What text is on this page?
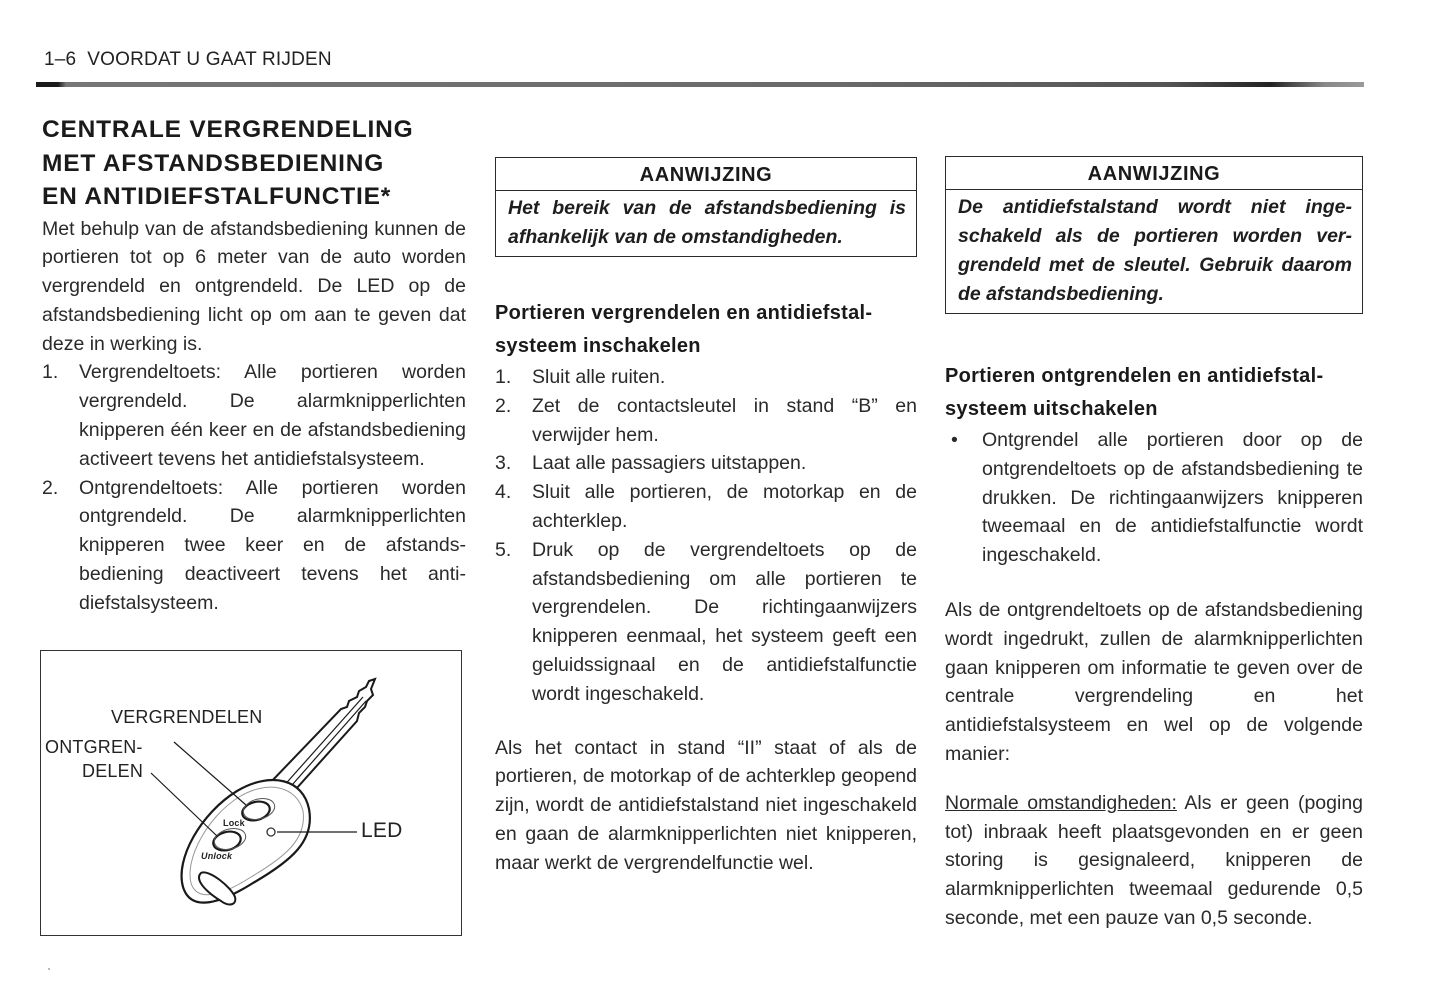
1–6 VOORDAT U GAAT RIJDEN
CENTRALE VERGRENDELING
MET AFSTANDSBEDIENING
EN ANTIDIEFSTALFUNCTIE*

Met behulp van de afstandsbediening kunnen de portieren tot op 6 meter van de auto worden vergrendeld en ontgrendeld. De LED op de afstandsbediening licht op om aan te geven dat deze in werking is.

1. Vergrendeltoets: Alle portieren worden vergrendeld. De alarmknipperlichten knipperen één keer en de afstandsbediening activeert tevens het antidiefstalsysteem.
2. Ontgrendeltoets: Alle portieren worden ontgrendeld. De alarmknipperlichten knipperen twee keer en de afstandsbediening deactiveert tevens het antidiefstalsysteem.
VERGRENDELEN
ONTGREN-
DELEN
LED
Lock
Unlock
AANWIJZING
Het bereik van de afstandsbediening is afhankelijk van de omstandigheden.
Portieren vergrendelen en antidiefstalsysteem inschakelen
1. Sluit alle ruiten.
2. Zet de contactsleutel in stand “B” en verwijder hem.
3. Laat alle passagiers uitstappen.
4. Sluit alle portieren, de motorkap en de achterklep.
5. Druk op de vergrendeltoets op de afstandsbediening om alle portieren te vergrendelen. De richtingaanwijzers knipperen eenmaal, het systeem geeft een geluidssignaal en de antidiefstalfunctie wordt ingeschakeld.

Als het contact in stand “II” staat of als de portieren, de motorkap of de achterklep geopend zijn, wordt de antidiefstalstand niet ingeschakeld en gaan de alarmknipperlichten niet knipperen, maar werkt de vergrendelfunctie wel.

AANWIJZING
De antidiefstalstand wordt niet ingeschakeld als de portieren worden vergrendeld met de sleutel. Gebruik daarom de afstandsbediening.
Portieren ontgrendelen en antidiefstalsysteem uitschakelen
• Ontgrendel alle portieren door op de ontgrendeltoets op de afstandsbediening te drukken. De richtingaanwijzers knipperen tweemaal en de antidiefstalfunctie wordt ingeschakeld.

Als de ontgrendeltoets op de afstandsbediening wordt ingedrukt, zullen de alarmknipperlichten gaan knipperen om informatie te geven over de centrale vergrendeling en het antidiefstalsysteem en wel op de volgende manier:

Normale omstandigheden: Als er geen (poging tot) inbraak heeft plaatsgevonden en er geen storing is gesignaleerd, knipperen de alarmknipperlichten tweemaal gedurende 0,5 seconde, met een pauze van 0,5 seconde.
